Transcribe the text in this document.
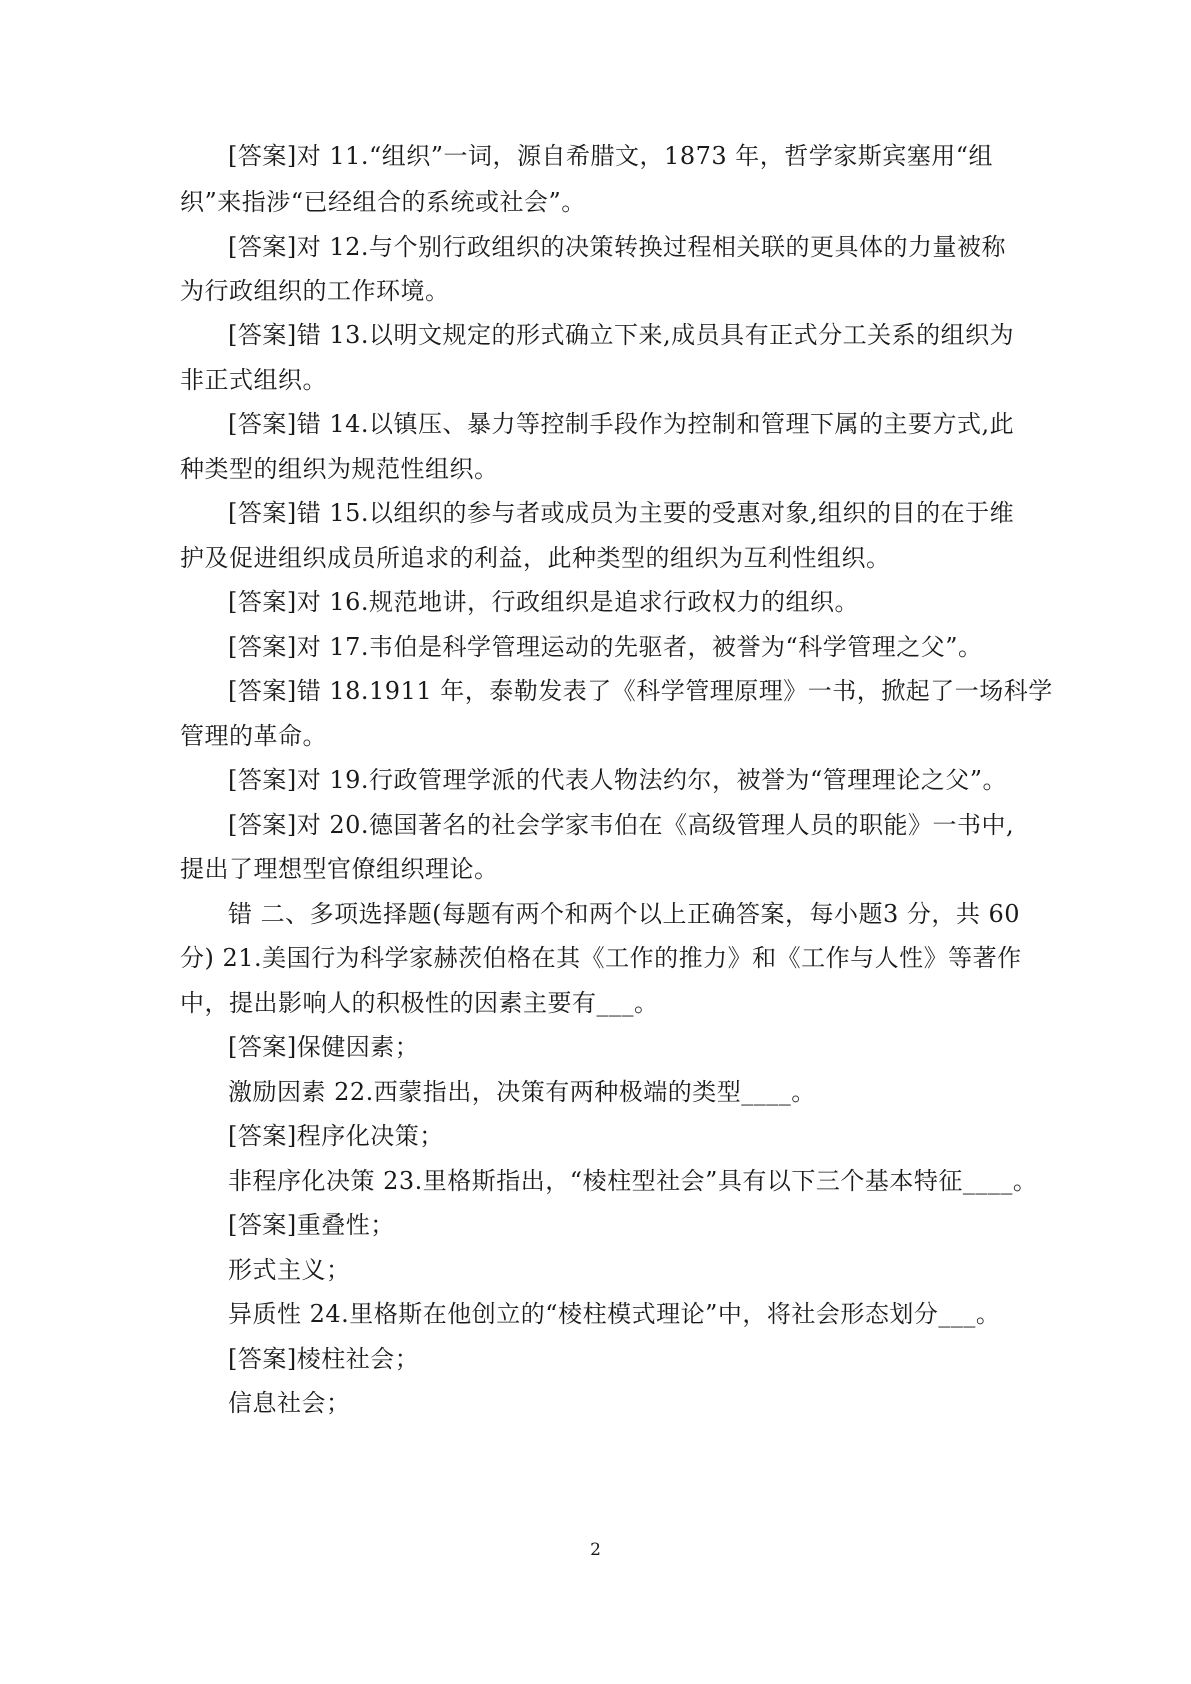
[答案]对 11.“组织”一词，源自希腊文，1873 年，哲学家斯宾塞用“组
织”来指涉“已经组合的系统或社会”。
[答案]对 12.与个别行政组织的决策转换过程相关联的更具体的力量被称
为行政组织的工作环境。
[答案]错 13.以明文规定的形式确立下来,成员具有正式分工关系的组织为
非正式组织。
[答案]错 14.以镇压、暴力等控制手段作为控制和管理下属的主要方式,此
种类型的组织为规范性组织。
[答案]错 15.以组织的参与者或成员为主要的受惠对象,组织的目的在于维
护及促进组织成员所追求的利益，此种类型的组织为互利性组织。
[答案]对 16.规范地讲，行政组织是追求行政权力的组织。
[答案]对 17.韦伯是科学管理运动的先驱者，被誉为“科学管理之父”。
[答案]错 18.1911 年，泰勒发表了《科学管理原理》一书，掀起了一场科学
管理的革命。
[答案]对 19.行政管理学派的代表人物法约尔，被誉为“管理理论之父”。
[答案]对 20.德国著名的社会学家韦伯在《高级管理人员的职能》一书中,
提出了理想型官僚组织理论。
错 二、多项选择题(每题有两个和两个以上正确答案，每小题3 分，共 60
分) 21.美国行为科学家赫茨伯格在其《工作的推力》和《工作与人性》等著作
中，提出影响人的积极性的因素主要有___。
[答案]保健因素；
激励因素 22.西蒙指出，决策有两种极端的类型____。
[答案]程序化决策；
非程序化决策 23.里格斯指出，“棱柱型社会”具有以下三个基本特征____。
[答案]重叠性；
形式主义；
异质性 24.里格斯在他创立的“棱柱模式理论”中，将社会形态划分___。
[答案]棱柱社会；
信息社会；
2
